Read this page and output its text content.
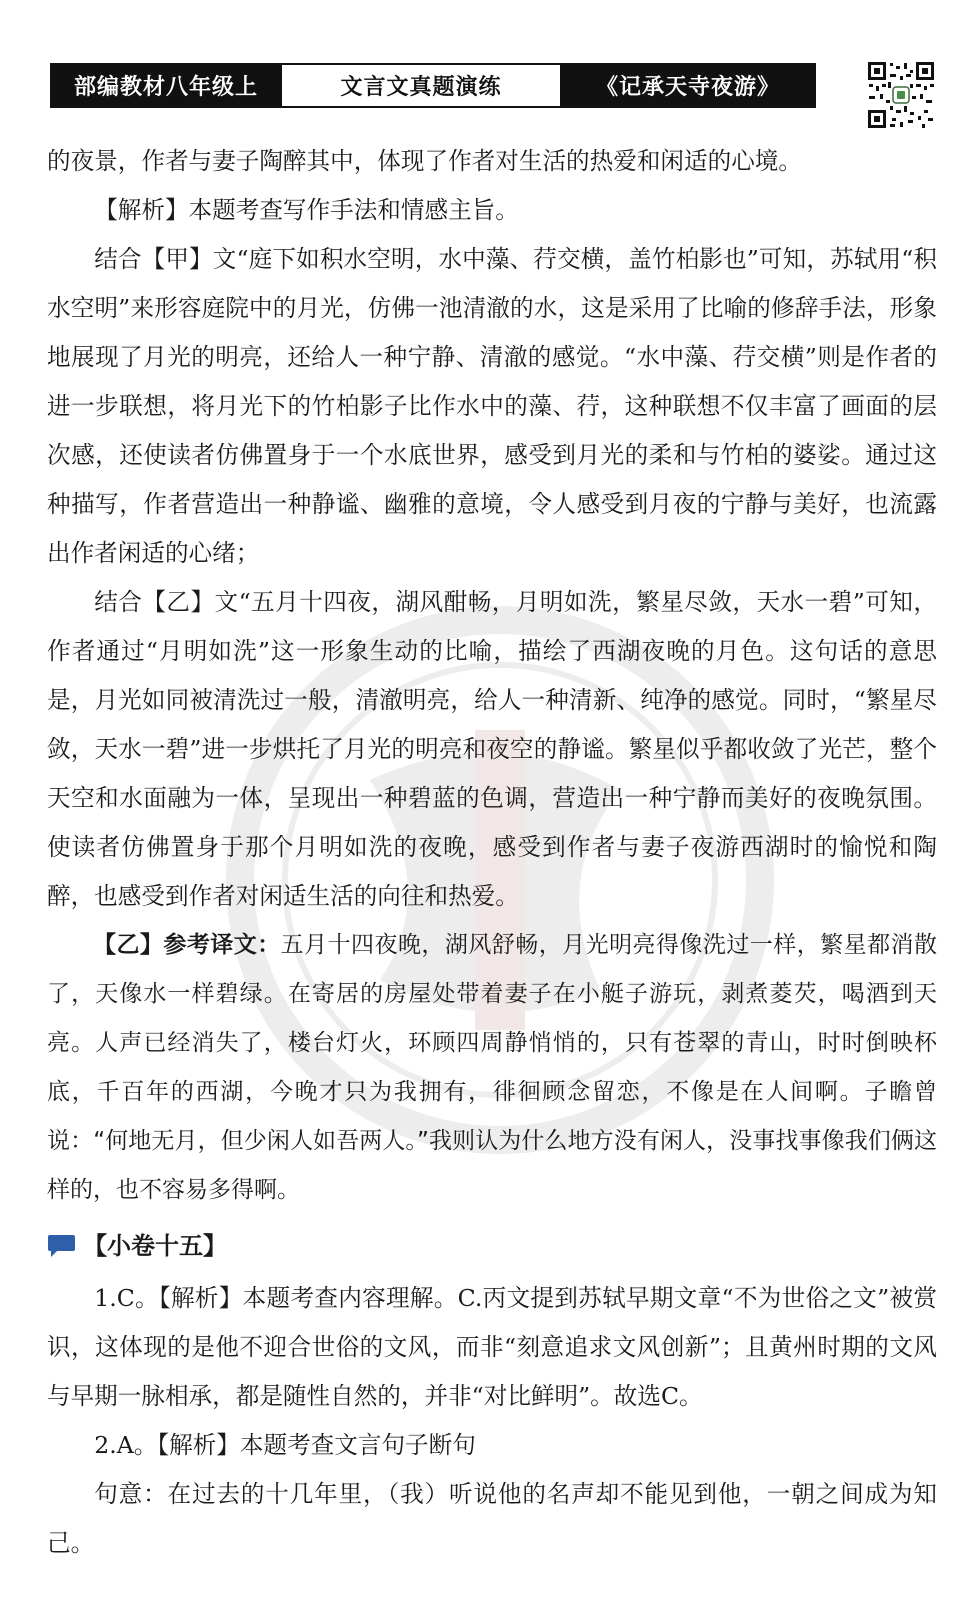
部编教材八年级上	文言文真题演练	《记承天寺夜游》

的夜景，作者与妻子陶醉其中，体现了作者对生活的热爱和闲适的心境。

【解析】本题考查写作手法和情感主旨。

结合【甲】文“庭下如积水空明，水中藻、荇交横，盖竹柏影也”可知，苏轼用“积水空明”来形容庭院中的月光，仿佛一池清澈的水，这是采用了比喻的修辞手法，形象地展现了月光的明亮，还给人一种宁静、清澈的感觉。“水中藻、荇交横”则是作者的进一步联想，将月光下的竹柏影子比作水中的藻、荇，这种联想不仅丰富了画面的层次感，还使读者仿佛置身于一个水底世界，感受到月光的柔和与竹柏的婆娑。通过这种描写，作者营造出一种静谧、幽雅的意境，令人感受到月夜的宁静与美好，也流露出作者闲适的心绪；

结合【乙】文“五月十四夜，湖风酣畅，月明如洗，繁星尽敛，天水一碧”可知，作者通过“月明如洗”这一形象生动的比喻，描绘了西湖夜晚的月色。这句话的意思是，月光如同被清洗过一般，清澈明亮，给人一种清新、纯净的感觉。同时，“繁星尽敛，天水一碧”进一步烘托了月光的明亮和夜空的静谧。繁星似乎都收敛了光芒，整个天空和水面融为一体，呈现出一种碧蓝的色调，营造出一种宁静而美好的夜晚氛围。使读者仿佛置身于那个月明如洗的夜晚，感受到作者与妻子夜游西湖时的愉悦和陶醉，也感受到作者对闲适生活的向往和热爱。

【乙】参考译文：五月十四夜晚，湖风舒畅，月光明亮得像洗过一样，繁星都消散了，天像水一样碧绿。在寄居的房屋处带着妻子在小艇子游玩，剥煮菱芡，喝酒到天亮。人声已经消失了，楼台灯火，环顾四周静悄悄的，只有苍翠的青山，时时倒映杯底，千百年的西湖，今晚才只为我拥有，徘徊顾念留恋，不像是在人间啊。子瞻曾说：“何地无月，但少闲人如吾两人。”我则认为什么地方没有闲人，没事找事像我们俩这样的，也不容易多得啊。

【小卷十五】

1.C。【解析】本题考查内容理解。C.丙文提到苏轼早期文章“不为世俗之文”被赏识，这体现的是他不迎合世俗的文风，而非“刻意追求文风创新”；且黄州时期的文风与早期一脉相承，都是随性自然的，并非“对比鲜明”。故选C。

2.A。【解析】本题考查文言句子断句

句意：在过去的十几年里，（我）听说他的名声却不能见到他，一朝之间成为知己。
